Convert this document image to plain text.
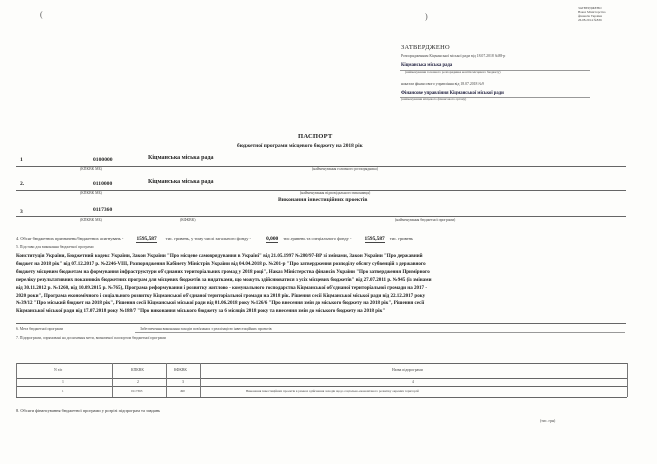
(	)
ЗАТВЕРДЖЕНО
Наказ Міністерства
фінансів України
26.08.2014 №836
ЗАТВЕРДЖЕНО
Розпорядженням Кіцманської міської ради від 18.07.2018 №88-р
Кіцманська міська рада
(найменування головного розпорядника коштів місцевого бюджету)
наказом фінансового управління від 18.07.2018 №9
Фінансове управління Кіцманської міської ради
(найменування місцевого фінансового органу)
ПАСПОРТ
бюджетної програми місцевого бюджету на 2018 рік
1	0100000	Кіцманська міська рада
(КПКВК МБ)	(найменування головного розпорядника)
2.	0110000	Кіцманська міська рада
(КПКВК МБ)	(найменування відповідального виконавця)
Виконання інвестиційних проектів
3	0117360
(КПКВК МБ)	(КФКВК)	(найменування бюджетної програми)
4. Обсяг бюджетних призначень/бюджетних асигнувань - 1595,587 тис. гривень, у тому числі загального фонду -	0,000 тис.гривень та спеціального фонду - 1595,587 тис. гривень
5. Підстави для виконання бюджетної програми
Конституція України, Бюджетний кодекс України, Закон України "Про місцеве самоврядування в Україні" від 21.05.1997 №280/97-ВР зі змінами, Закон України "Про державний
бюджет на 2018 рік" від 07.12.2017 р. №2246-VIII, Розпорядження Кабінету Міністрів України від 04.04.2018 р. №201-р "Про затвердження розподілу обсягу субвенцій з державного
бюджету місцевим бюджетам на формування інфраструктури об'єднаних територіальних громад у 2018 році", Наказ Міністерства фінансів України "Про затвердження Примірного
переліку результативних показників бюджетних програм для місцевих бюджетів за видатками, що можуть здійснюватися з усіх місцевих бюджетів" від 27.07.2011 р. №945 (із змінами
від 30.11.2012 р. №1260, від 10.09.2015 р. №765), Програма реформування і розвитку житлово - комунального господарства Кіцманської об'єднаної територіальної громади на 2017 -
2020 роки", Програма економічного і соціального розвитку Кіцманської об'єднаної територіальної громади на 2018 рік. Рішення сесії Кіцманської міської ради від 22.12.2017 року
№39/12 "Про міський бюджет на 2018 рік", Рішення сесії Кіцманської міської ради від 01.06.2018 року №126/6 "Про внесення змін до міського бюджету на 2018 рік", Рішення сесії
Кіцманської міської ради від 17.07.2018 року №188/7 "Про виконання міського бюджету за 6 місяців 2018 року та внесення змін до міського бюджету на 2018 рік"
6. Мета бюджетної програми	Забезпечення виконання заходів пов'язаних з реалізацією інвестиційних проектів
7. Підпрограми, спрямовані на досягнення мети, визначеної паспортом бюджетної програми
N з/п	КПКВК	КФКВК	Назва підпрограми
1	2	3	4
1	0117363	490	Виконання інвестиційних проектів в рамках здійснення заходів щодо соціально-економічного розвитку окремих територій
8. Обсяги фінансування бюджетної програми у розрізі підпрограм та завдань
(тис. грн)
